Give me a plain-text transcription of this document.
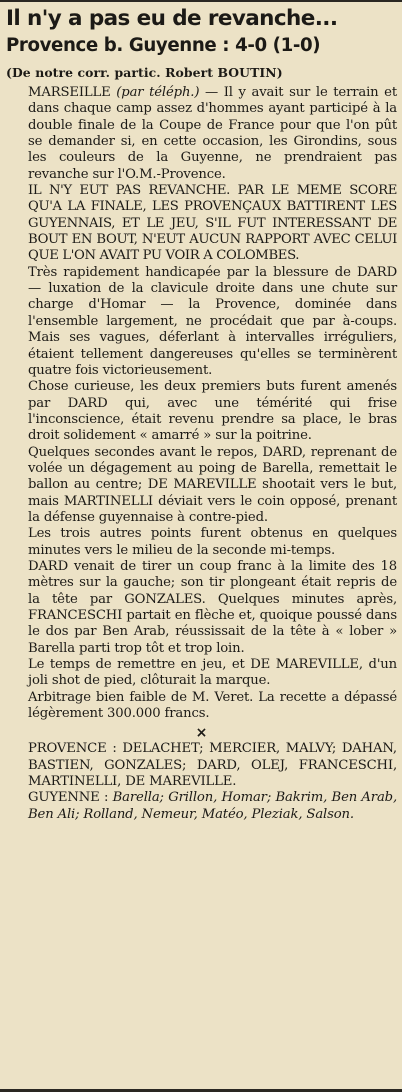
Il n'y a pas eu de revanche...
Provence b. Guyenne : 4-0 (1-0)
(De notre corr. partic. Robert BOUTIN)

MARSEILLE (par téléph.) — Il y avait sur le terrain et dans chaque camp assez d'hommes ayant participé à la double finale de la Coupe de France pour que l'on pût se demander si, en cette occasion, les Girondins, sous les couleurs de la Guyenne, ne prendraient pas revanche sur l'O.M.-Provence.

IL N'Y EUT PAS REVANCHE. PAR LE MEME SCORE QU'A LA FINALE, LES PROVENÇAUX BATTIRENT LES GUYENNAIS, ET LE JEU, S'IL FUT INTERESSANT DE BOUT EN BOUT, N'EUT AUCUN RAPPORT AVEC CELUI QUE L'ON AVAIT PU VOIR A COLOMBES.

Très rapidement handicapée par la blessure de DARD — luxation de la clavicule droite dans une chute sur charge d'Homar — la Provence, dominée dans l'ensemble largement, ne procédait que par à-coups. Mais ses vagues, déferlant à intervalles irréguliers, étaient tellement dangereuses qu'elles se terminèrent quatre fois victorieusement.

Chose curieuse, les deux premiers buts furent amenés par DARD qui, avec une témérité qui frise l'inconscience, était revenu prendre sa place, le bras droit solidement « amarré » sur la poitrine.

Quelques secondes avant le repos, DARD, reprenant de volée un dégagement au poing de Barella, remettait le ballon au centre; DE MAREVILLE shootait vers le but, mais MARTINELLI déviait vers le coin opposé, prenant la défense guyennaise à contre-pied.

Les trois autres points furent obtenus en quelques minutes vers le milieu de la seconde mi-temps.

DARD venait de tirer un coup franc à la limite des 18 mètres sur la gauche; son tir plongeant était repris de la tête par GONZALES. Quelques minutes après, FRANCESCHI partait en flèche et, quoique poussé dans le dos par Ben Arab, réussissait de la tête à « lober » Barella parti trop tôt et trop loin.

Le temps de remettre en jeu, et DE MAREVILLE, d'un joli shot de pied, clôturait la marque.

Arbitrage bien faible de M. Veret. La recette a dépassé légèrement 300.000 francs.

×

PROVENCE : DELACHET; MERCIER, MALVY; DAHAN, BASTIEN, GONZALES; DARD, OLEJ, FRANCESCHI, MARTINELLI, DE MAREVILLE.

GUYENNE : Barella; Grillon, Homar; Bakrim, Ben Arab, Ben Ali; Rolland, Nemeur, Matéo, Pleziak, Salson.
